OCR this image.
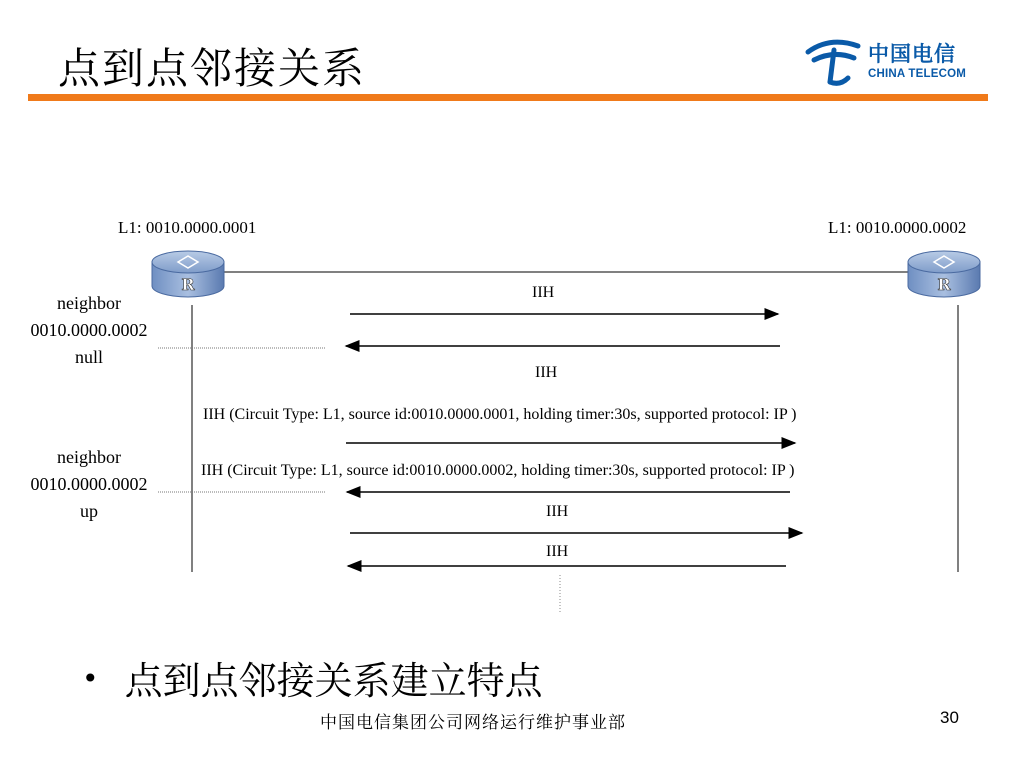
点到点邻接关系	中国电信
CHINA TELECOM
R	R
L1: 0010.0000.0001	L1: 0010.0000.0002
neighbor
0010.0000.0002
null
neighbor
0010.0000.0002
up
IIH
IIH
IIH (Circuit Type: L1, source id:0010.0000.0001, holding timer:30s, supported protocol: IP )
IIH (Circuit Type: L1, source id:0010.0000.0002, holding timer:30s, supported protocol: IP )
IIH
IIH
• 点到点邻接关系建立特点
中国电信集团公司网络运行维护事业部	30
